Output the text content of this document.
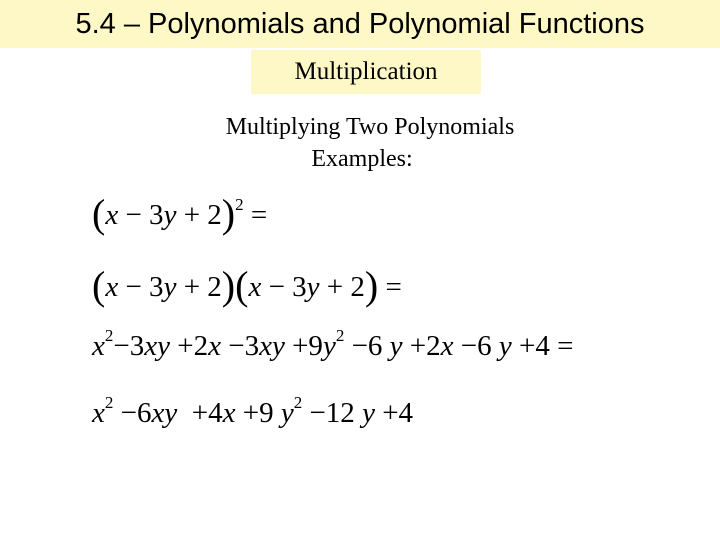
5.4 – Polynomials and Polynomial Functions
Multiplication
Multiplying Two Polynomials
Examples:
$(x - 3y + 2)^2$ =
(x − 3y + 2)(x − 3y + 2) =
$x^2-3xy +2x -3xy +9y^2 -6$ y +2x −6 y +4 =
$x^2 -6xy +4x +9$ $y^2 -12$ y +4
